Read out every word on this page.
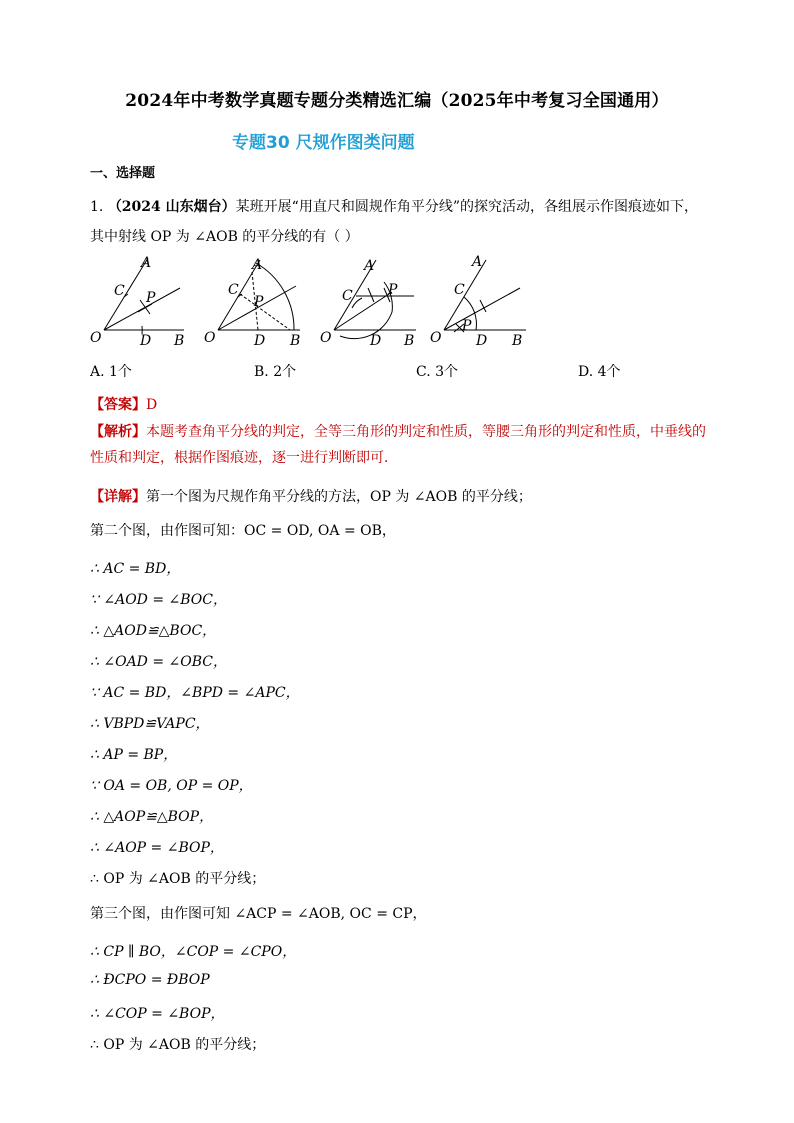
2024年中考数学真题专题分类精选汇编（2025年中考复习全国通用）
专题30 尺规作图类问题
一、选择题
1. （2024 山东烟台）某班开展“用直尺和圆规作角平分线”的探究活动，各组展示作图痕迹如下，
其中射线 OP 为 ∠AOB 的平分线的有（ ）
A
C P
O	D B
A
C
P
O	D B
A
C	P
O	D B
A
C
P
O D B
A. 1个	B. 2个	C. 3个	D. 4个
【答案】D
【解析】本题考查角平分线的判定，全等三角形的判定和性质，等腰三角形的判定和性质，中垂线的性质和判定，根据作图痕迹，逐一进行判断即可．
【详解】第一个图为尺规作角平分线的方法，OP 为 ∠AOB 的平分线；
第二个图，由作图可知：OC = OD, OA = OB，
∴ AC = BD，
∵ ∠AOD = ∠BOC，
∴ △AOD≌△BOC，
∴ ∠OAD = ∠OBC，
∵ AC = BD，∠BPD = ∠APC，
∴ VBPD≌VAPC，
∴ AP = BP，
∵ OA = OB, OP = OP，
∴ △AOP≌△BOP，
∴ ∠AOP = ∠BOP，
∴ OP 为 ∠AOB 的平分线；
第三个图，由作图可知 ∠ACP = ∠AOB, OC = CP，
∴ CP ∥ BO，∠COP = ∠CPO，
∴ ÐCPO = ÐBOP
∴ ∠COP = ∠BOP，
∴ OP 为 ∠AOB 的平分线；
